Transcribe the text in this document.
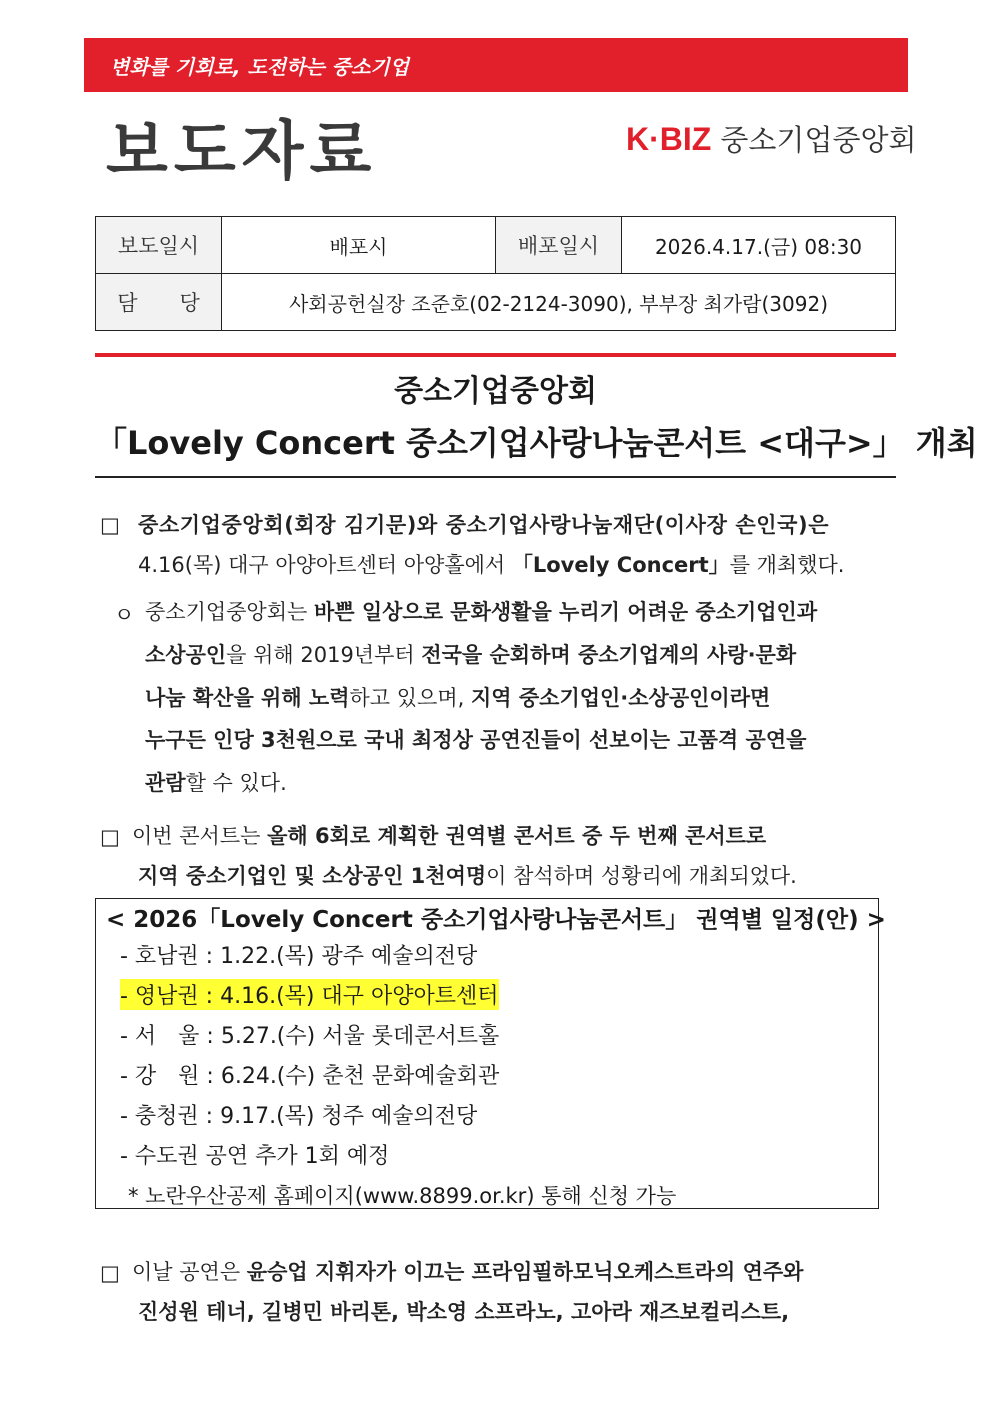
변화를 기회로, 도전하는 중소기업
보도자료	K·BIZ 중소기업중앙회
보도일시	배포시	배포일시	2026.4.17.(금) 08:30
담　　당	사회공헌실장 조준호(02-2124-3090), 부부장 최가람(3092)		
중소기업중앙회
「Lovely Concert 중소기업사랑나눔콘서트 <대구>」 개최
□ 중소기업중앙회(회장 김기문)와 중소기업사랑나눔재단(이사장 손인국)은
4.16(목) 대구 아양아트센터 아양홀에서 「Lovely Concert」를 개최했다.
ㅇ 중소기업중앙회는 바쁜 일상으로 문화생활을 누리기 어려운 중소기업인과
소상공인을 위해 2019년부터 전국을 순회하며 중소기업계의 사랑·문화
나눔 확산을 위해 노력하고 있으며, 지역 중소기업인·소상공인이라면
누구든 인당 3천원으로 국내 최정상 공연진들이 선보이는 고품격 공연을
관람할 수 있다.
□ 이번 콘서트는 올해 6회로 계획한 권역별 콘서트 중 두 번째 콘서트로
지역 중소기업인 및 소상공인 1천여명이 참석하며 성황리에 개최되었다.
< 2026「Lovely Concert 중소기업사랑나눔콘서트」 권역별 일정(안) >
- 호남권 : 1.22.(목) 광주 예술의전당
- 영남권 : 4.16.(목) 대구 아양아트센터
- 서　울 : 5.27.(수) 서울 롯데콘서트홀
- 강　원 : 6.24.(수) 춘천 문화예술회관
- 충청권 : 9.17.(목) 청주 예술의전당
- 수도권 공연 추가 1회 예정
* 노란우산공제 홈페이지(www.8899.or.kr) 통해 신청 가능
□ 이날 공연은 윤승업 지휘자가 이끄는 프라임필하모닉오케스트라의 연주와
진성원 테너, 길병민 바리톤, 박소영 소프라노, 고아라 재즈보컬리스트,
